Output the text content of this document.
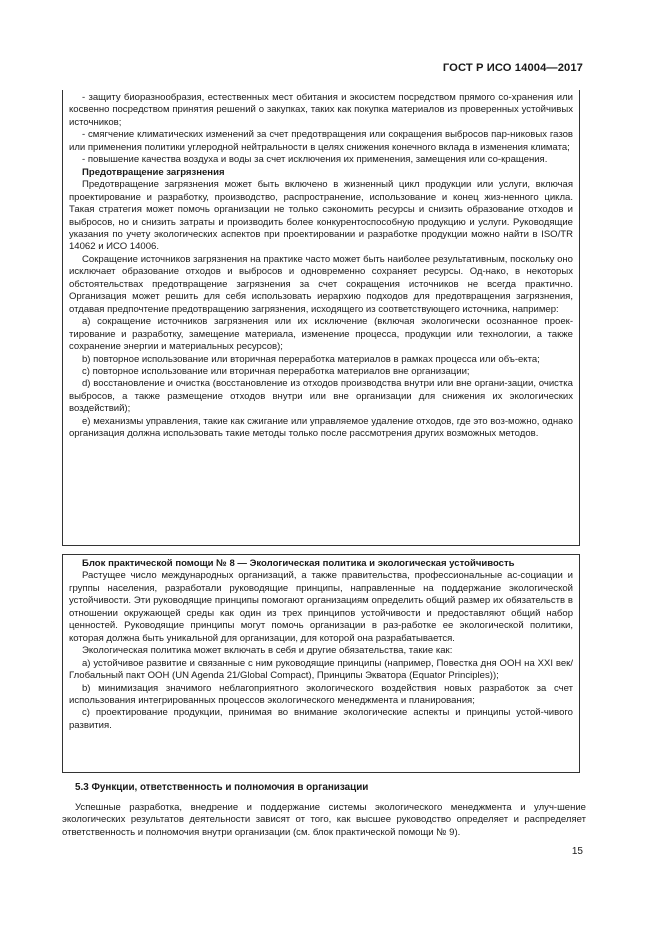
ГОСТ Р ИСО 14004—2017

- защиту биоразнообразия, естественных мест обитания и экосистем посредством прямого со-хранения или косвенно посредством принятия решений о закупках, таких как покупка материалов из проверенных устойчивых источников;

- смягчение климатических изменений за счет предотвращения или сокращения выбросов пар-никовых газов или применения политики углеродной нейтральности в целях снижения конечного вклада в изменения климата;

- повышение качества воздуха и воды за счет исключения их применения, замещения или со-кращения.

Предотвращение загрязнения

Предотвращение загрязнения может быть включено в жизненный цикл продукции или услуги, включая проектирование и разработку, производство, распространение, использование и конец жиз-ненного цикла. Такая стратегия может помочь организации не только сэкономить ресурсы и снизить образование отходов и выбросов, но и снизить затраты и производить более конкурентоспособную продукцию и услуги. Руководящие указания по учету экологических аспектов при проектировании и разработке продукции можно найти в ISO/TR 14062 и ИСО 14006.

Сокращение источников загрязнения на практике часто может быть наиболее результативным, поскольку оно исключает образование отходов и выбросов и одновременно сохраняет ресурсы. Од-нако, в некоторых обстоятельствах предотвращение загрязнения за счет сокращения источников не всегда практично. Организация может решить для себя использовать иерархию подходов для предотвращения загрязнения, отдавая предпочтение предотвращению загрязнения, исходящего из соответствующего источника, например:

а) сокращение источников загрязнения или их исключение (включая экологически осознанное проек-тирование и разработку, замещение материала, изменение процесса, продукции или технологии, а также сохранение энергии и материальных ресурсов);

b) повторное использование или вторичная переработка материалов в рамках процесса или объ-екта;

с) повторное использование или вторичная переработка материалов вне организации;

d) восстановление и очистка (восстановление из отходов производства внутри или вне органи-зации, очистка выбросов, а также размещение отходов внутри или вне организации для снижения их экологических воздействий);

е) механизмы управления, такие как сжигание или управляемое удаление отходов, где это воз-можно, однако организация должна использовать такие методы только после рассмотрения других возможных методов.

Блок практической помощи № 8 — Экологическая политика и экологическая устойчивость

Растущее число международных организаций, а также правительства, профессиональные ас-социации и группы населения, разработали руководящие принципы, направленные на поддержание экологической устойчивости. Эти руководящие принципы помогают организациям определить общий размер их обязательств в отношении окружающей среды как один из трех принципов устойчивости и предоставляют общий набор ценностей. Руководящие принципы могут помочь организации в раз-работке ее экологической политики, которая должна быть уникальной для организации, для которой она разрабатывается.

Экологическая политика может включать в себя и другие обязательства, такие как:

а) устойчивое развитие и связанные с ним руководящие принципы (например, Повестка дня ООН на XXI век/Глобальный пакт ООН (UN Agenda 21/Global Compact), Принципы Экватора (Equator Principles));

b) минимизация значимого неблагоприятного экологического воздействия новых разработок за счет использования интегрированных процессов экологического менеджмента и планирования;

с) проектирование продукции, принимая во внимание экологические аспекты и принципы устой-чивого развития.

5.3 Функции, ответственность и полномочия в организации

Успешные разработка, внедрение и поддержание системы экологического менеджмента и улуч-шение экологических результатов деятельности зависят от того, как высшее руководство определяет и распределяет ответственность и полномочия внутри организации (см. блок практической помощи № 9).

15
